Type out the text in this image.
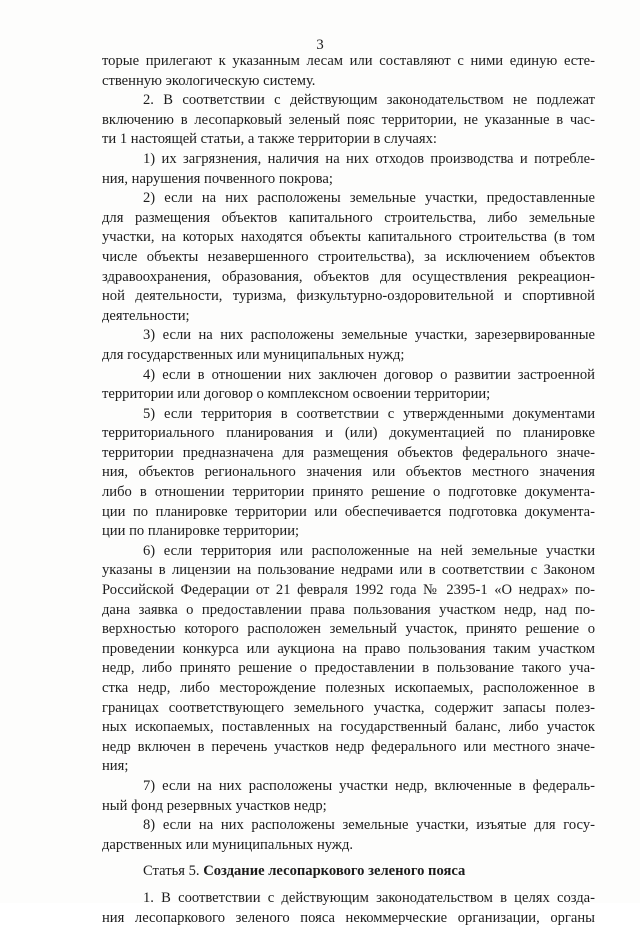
3
торые прилегают к указанным лесам или составляют с ними единую есте-
ственную экологическую систему.
2. В соответствии с действующим законодательством не подлежат
включению в лесопарковый зеленый пояс территории, не указанные в час-
ти 1 настоящей статьи, а также территории в случаях:
1) их загрязнения, наличия на них отходов производства и потребле-
ния, нарушения почвенного покрова;
2) если на них расположены земельные участки, предоставленные
для размещения объектов капитального строительства, либо земельные
участки, на которых находятся объекты капитального строительства (в том
числе объекты незавершенного строительства), за исключением объектов
здравоохранения, образования, объектов для осуществления рекреацион-
ной деятельности, туризма, физкультурно-оздоровительной и спортивной
деятельности;
3) если на них расположены земельные участки, зарезервированные
для государственных или муниципальных нужд;
4) если в отношении них заключен договор о развитии застроенной
территории или договор о комплексном освоении территории;
5) если территория в соответствии с утвержденными документами
территориального планирования и (или) документацией по планировке
территории предназначена для размещения объектов федерального значе-
ния, объектов регионального значения или объектов местного значения
либо в отношении территории принято решение о подготовке документа-
ции по планировке территории или обеспечивается подготовка документа-
ции по планировке территории;
6) если территория или расположенные на ней земельные участки
указаны в лицензии на пользование недрами или в соответствии с Законом
Российской Федерации от 21 февраля 1992 года № 2395-1 «О недрах» по-
дана заявка о предоставлении права пользования участком недр, над по-
верхностью которого расположен земельный участок, принято решение о
проведении конкурса или аукциона на право пользования таким участком
недр, либо принято решение о предоставлении в пользование такого уча-
стка недр, либо месторождение полезных ископаемых, расположенное в
границах соответствующего земельного участка, содержит запасы полез-
ных ископаемых, поставленных на государственный баланс, либо участок
недр включен в перечень участков недр федерального или местного значе-
ния;
7) если на них расположены участки недр, включенные в федераль-
ный фонд резервных участков недр;
8) если на них расположены земельные участки, изъятые для госу-
дарственных или муниципальных нужд.
Статья 5. Создание лесопаркового зеленого пояса
1. В соответствии с действующим законодательством в целях созда-
ния лесопаркового зеленого пояса некоммерческие организации, органы
